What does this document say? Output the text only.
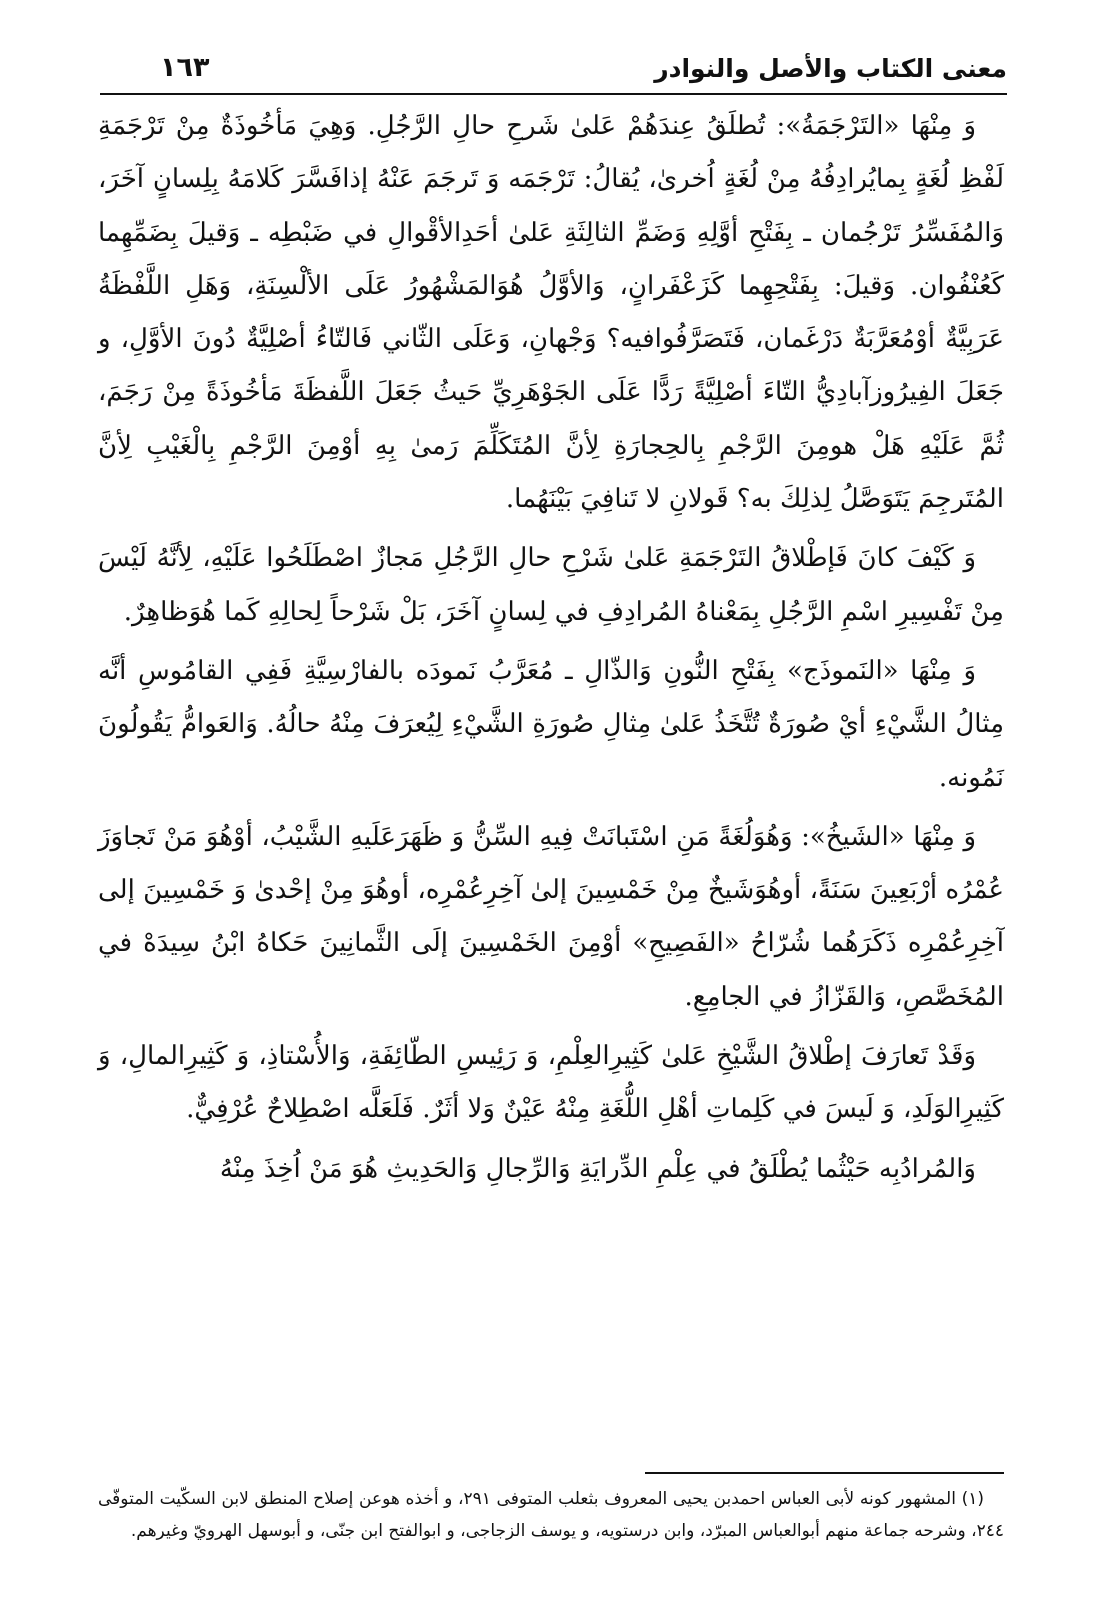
معنى الكتاب والأصل والنوادر
١٦٣

وَ مِنْهَا «التَرْجَمَةُ»: تُطلَقُ عِندَهُمْ عَلىٰ شَرحِ حالِ الرَّجُلِ. وَهِيَ مَأخُوذَةٌ مِنْ تَرْجَمَةِ لَفْظِ لُغَةٍ بِمايُرادِفُهُ مِنْ لُغَةٍ اُخرىٰ، يُقالُ: تَرْجَمَه وَ تَرجَمَ عَنْهُ إذافَسَّرَ كَلامَهُ بِلِسانٍ آخَرَ، وَالمُفَسِّرُ تَرْجُمان ـ بِفَتْحِ أوَّلِهِ وَضَمِّ الثالِثَةِ عَلىٰ أحَدِالأقْوالِ في ضَبْطِه ـ وَقيلَ بِضَمِّهِما كَعُنْفُوان. وَقيلَ: بِفَتْحِهِما كَزَعْفَرانٍ، وَالأوَّلُ هُوَالمَشْهُورُ عَلَى الألْسِنَةِ، وَهَلِ اللَّفْظَةُ عَرَبِيَّةٌ أوْمُعَرَّبَةٌ دَرْغَمان، فَتَصَرَّفُوافيه؟ وَجْهانِ، وَعَلَى الثّاني فَالتّاءُ أصْلِيَّةٌ دُونَ الأوَّلِ، و جَعَلَ الفِيرُوزآبادِيُّ التّاءَ أصْلِيَّةً رَدًّا عَلَى الجَوْهَرِيِّ حَيثُ جَعَلَ اللَّفظَةَ مَأخُوذَةً مِنْ رَجَمَ، ثُمَّ عَلَيْهِ هَلْ هومِنَ الرَّجْمِ بِالحِجارَةِ لِأنَّ المُتَكَلِّمَ رَمىٰ بِهِ أوْمِنَ الرَّجْمِ بِالْغَيْبِ لِأنَّ المُتَرجِمَ يَتَوَصَّلُ لِذلِكَ به؟ قَولانِ لا تَنافِيَ بَيْنَهُما.

وَ كَيْفَ كانَ فَإطْلاقُ التَرْجَمَةِ عَلىٰ شَرْحِ حالِ الرَّجُلِ مَجازٌ اصْطَلَحُوا عَلَيْهِ، لِأنَّهُ لَيْسَ مِنْ تَفْسِيرِ اسْمِ الرَّجُلِ بِمَعْناهُ المُرادِفِ في لِسانٍ آخَرَ، بَلْ شَرْحاً لِحالِهِ كَما هُوَظاهِرٌ.

وَ مِنْهَا «النَموذَج» بِفَتْحِ النُّونِ وَالذّالِ ـ مُعَرَّبُ نَمودَه بالفارْسِيَّةِ فَفِي القامُوسِ أنَّه مِثالُ الشَّيْءِ أيْ صُورَةٌ تُتَّخَذُ عَلىٰ مِثالِ صُورَةِ الشَّيْءِ لِيُعرَفَ مِنْهُ حالُهُ. وَالعَوامُّ يَقُولُونَ نَمُونه.

وَ مِنْهَا «الشَيخُ»: وَهُوَلُغَةً مَنِ اسْتَبانَتْ فِيهِ السِّنُّ وَ ظَهَرَعَلَيهِ الشَّيْبُ، أوْهُوَ مَنْ تَجاوَزَ عُمْرُه أرْبَعِينَ سَنَةً، أوهُوَشَيخٌ مِنْ خَمْسِينَ إلىٰ آخِرِعُمْرِه، أوهُوَ مِنْ إحْدىٰ وَ خَمْسِينَ إلى آخِرِعُمْرِه ذَكَرَهُما شُرّاحُ «الفَصِيحِ» أوْمِنَ الخَمْسِينَ إلَى الثَّمانِينَ حَكاهُ ابْنُ سِيدَهْ في المُخَصَّصِ، وَالقَزّازُ في الجامِعِ.

وَقَدْ تَعارَفَ إطْلاقُ الشَّيْخِ عَلىٰ كَثِيرِالعِلْمِ، وَ رَئِيسِ الطّائِفَةِ، وَالأُسْتاذِ، وَ كَثِيرِالمالِ، وَ كَثِيرِالوَلَدِ، وَ لَيسَ في كَلِماتِ أهْلِ اللُّغَةِ مِنْهُ عَيْنٌ وَلا أثَرٌ. فَلَعَلَّه اصْطِلاحٌ عُرْفِيٌّ.

وَالمُرادُبِه حَيْثُما يُطْلَقُ في عِلْمِ الدِّرايَةِ وَالرِّجالِ وَالحَدِيثِ هُوَ مَنْ اُخِذَ مِنْهُ

(١) المشهور كونه لأبى العباس احمدبن يحيى المعروف بثعلب المتوفى ٢٩١، و أخذه هوعن إصلاح المنطق لابن السكّيت المتوفّى ٢٤٤، وشرحه جماعة منهم أبوالعباس المبرّد، وابن درستويه، و يوسف الزجاجى، و ابوالفتح ابن جنّى، و أبوسهل الهرويّ وغيرهم.
